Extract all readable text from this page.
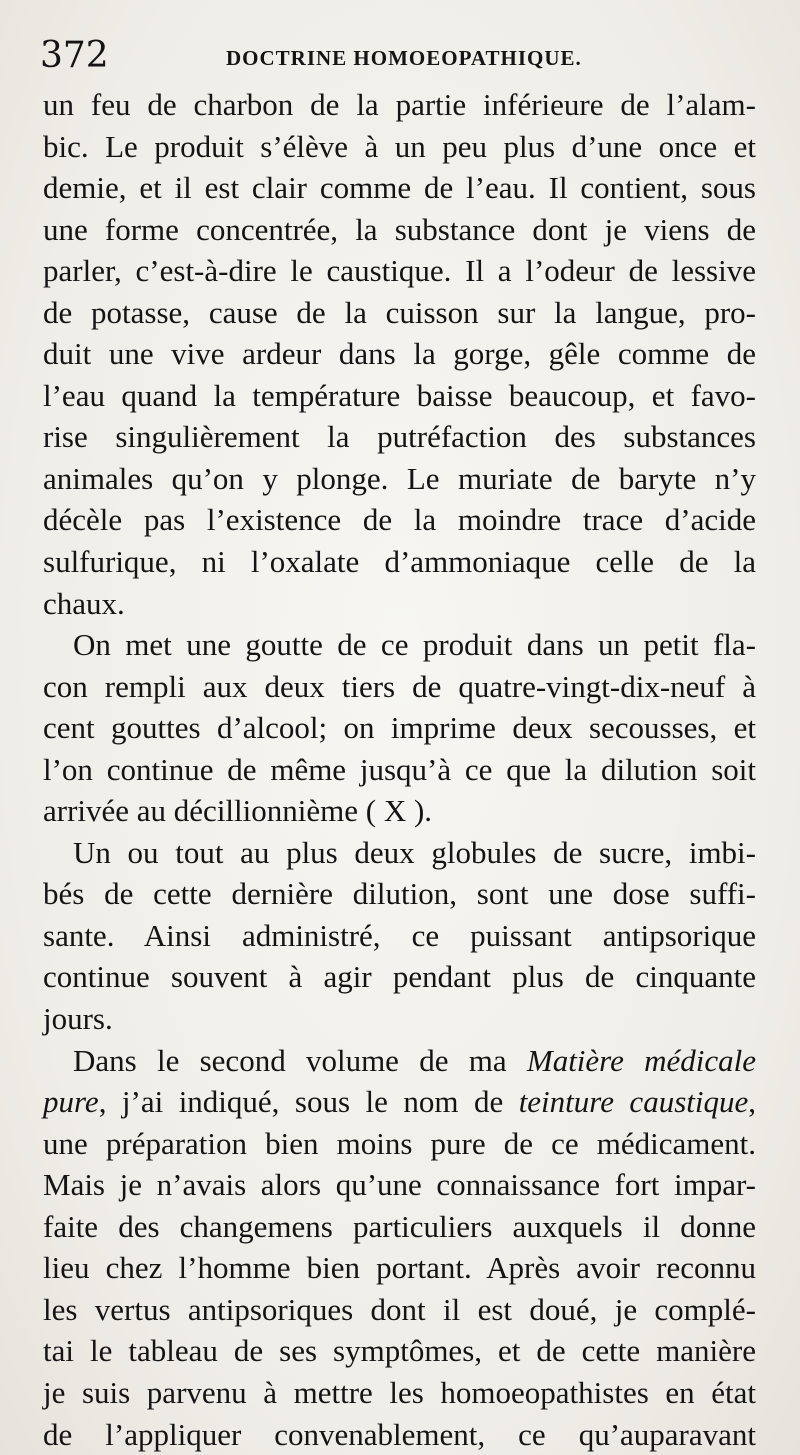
372	DOCTRINE HOMOEOPATHIQUE.
un feu de charbon de la partie inférieure de l’alam-
bic. Le produit s’élève à un peu plus d’une once et
demie, et il est clair comme de l’eau. Il contient, sous
une forme concentrée, la substance dont je viens de
parler, c’est-à-dire le caustique. Il a l’odeur de lessive
de potasse, cause de la cuisson sur la langue, pro-
duit une vive ardeur dans la gorge, gêle comme de
l’eau quand la température baisse beaucoup, et favo-
rise singulièrement la putréfaction des substances
animales qu’on y plonge. Le muriate de baryte n’y
décèle pas l’existence de la moindre trace d’acide
sulfurique, ni l’oxalate d’ammoniaque celle de la
chaux.
On met une goutte de ce produit dans un petit fla-
con rempli aux deux tiers de quatre-vingt-dix-neuf à
cent gouttes d’alcool; on imprime deux secousses, et
l’on continue de même jusqu’à ce que la dilution soit
arrivée au décillionnième ( X ).
Un ou tout au plus deux globules de sucre, imbi-
bés de cette dernière dilution, sont une dose suffi-
sante. Ainsi administré, ce puissant antipsorique
continue souvent à agir pendant plus de cinquante
jours.
Dans le second volume de ma Matière médicale
pure, j’ai indiqué, sous le nom de teinture caustique,
une préparation bien moins pure de ce médicament.
Mais je n’avais alors qu’une connaissance fort impar-
faite des changemens particuliers auxquels il donne
lieu chez l’homme bien portant. Après avoir reconnu
les vertus antipsoriques dont il est doué, je complé-
tai le tableau de ses symptômes, et de cette manière
je suis parvenu à mettre les homoeopathistes en état
de l’appliquer convenablement, ce qu’auparavant
